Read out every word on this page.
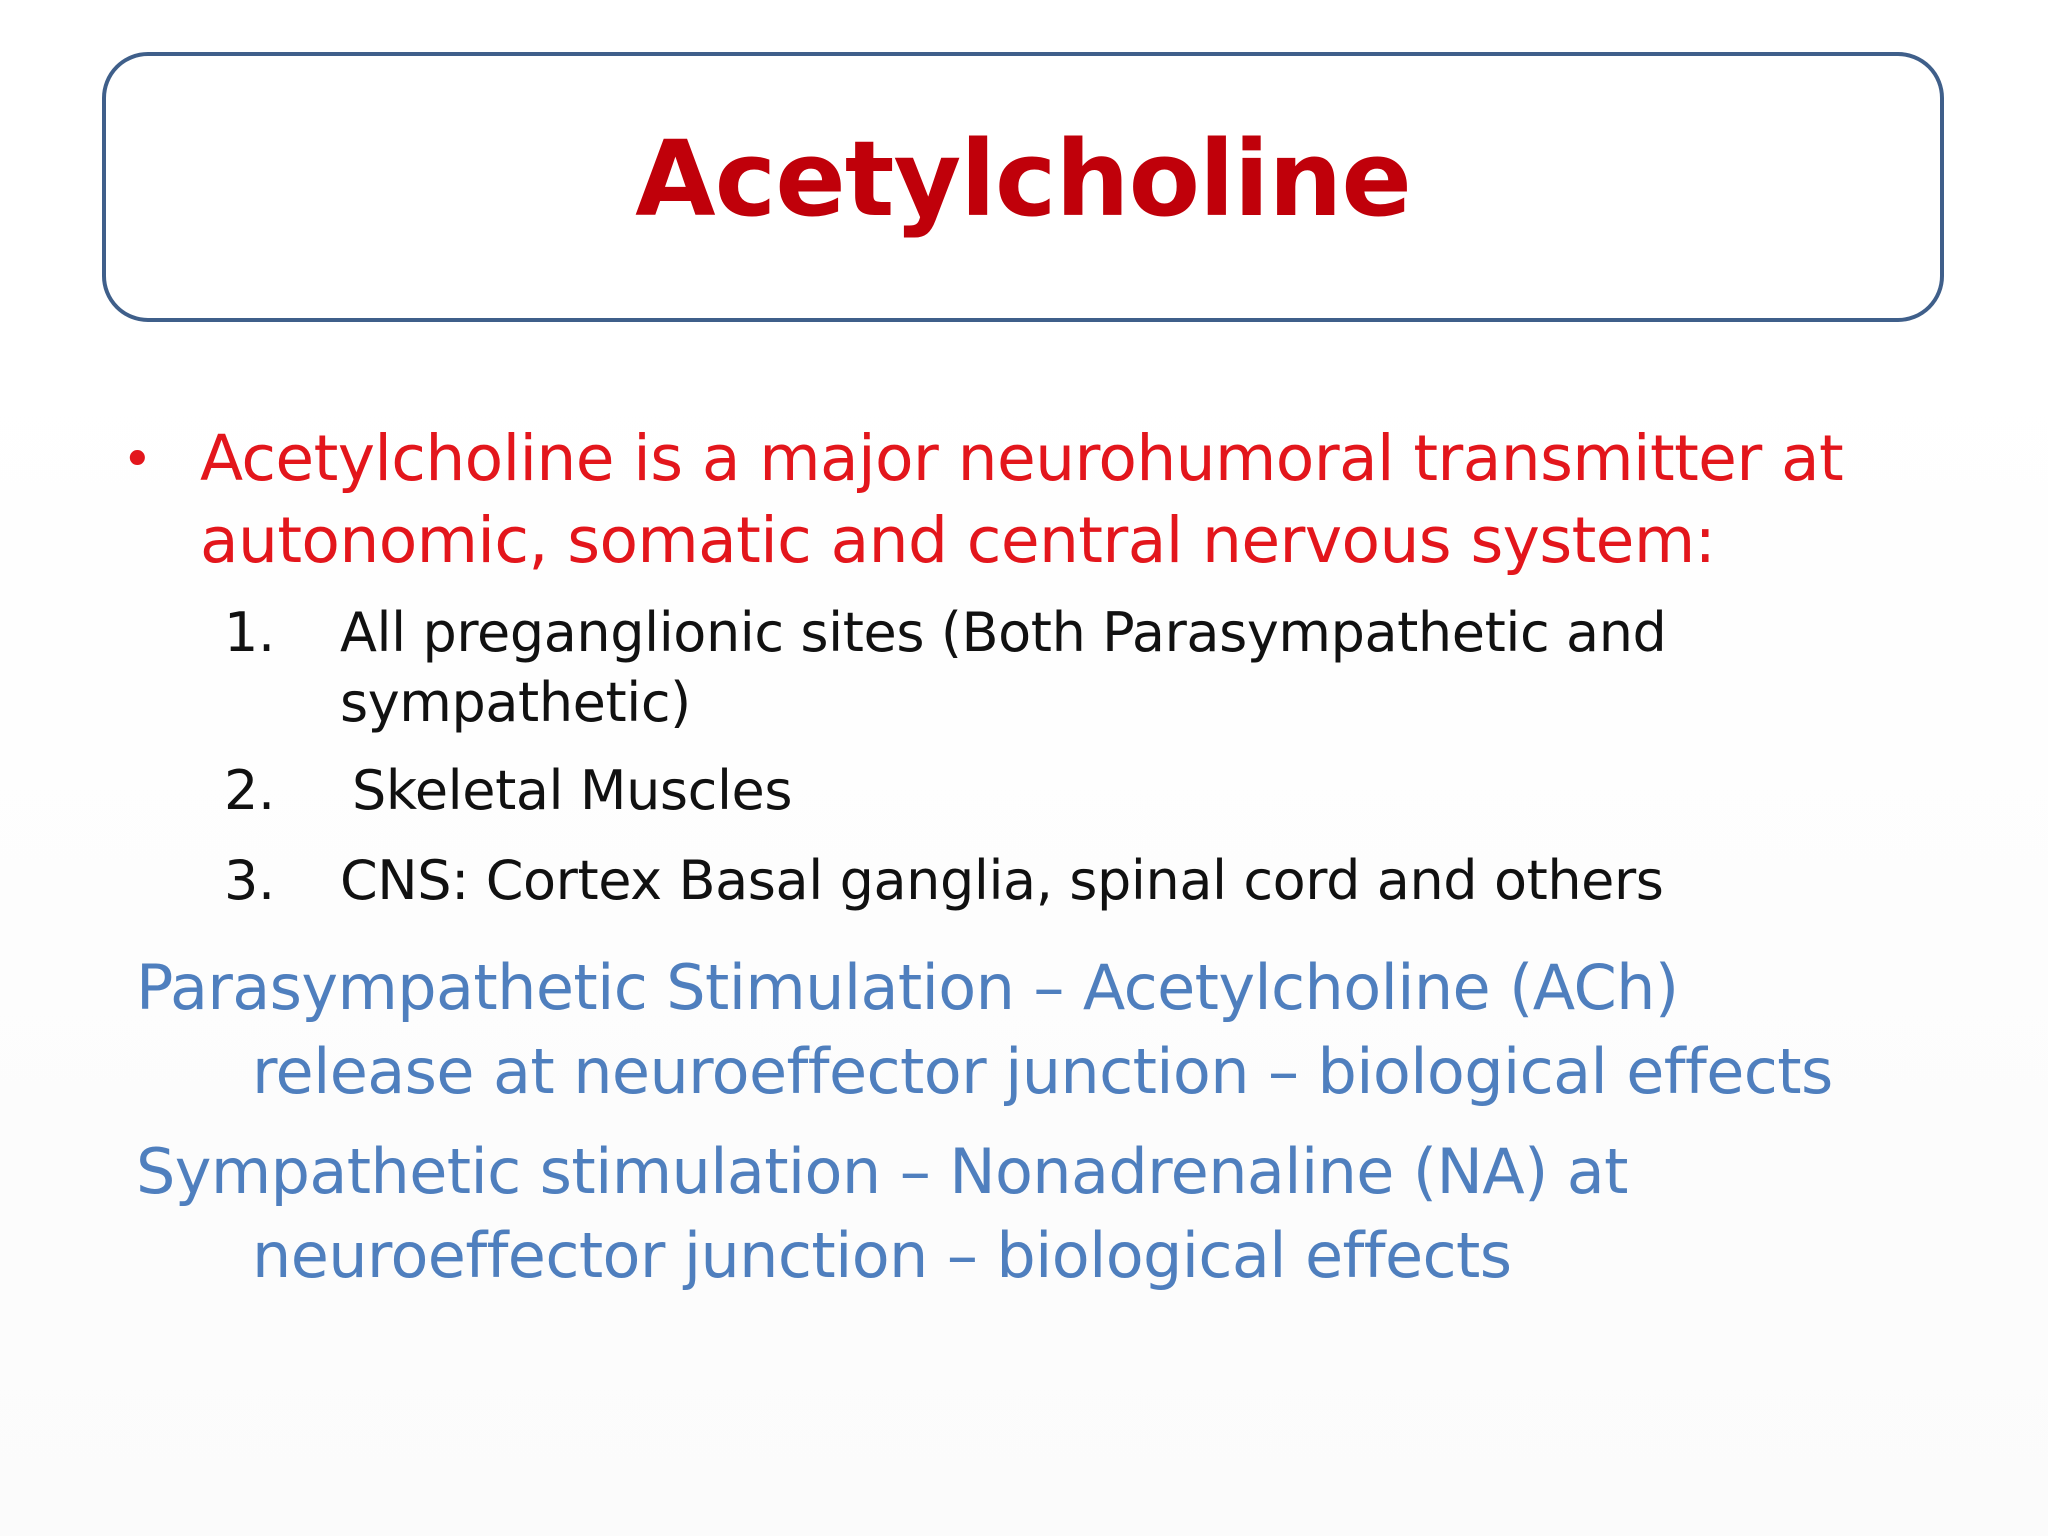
Acetylcholine
• Acetylcholine is a major neurohumoral transmitter at autonomic, somatic and central nervous system:
1.	All preganglionic sites (Both Parasympathetic and sympathetic)
2.	Skeletal Muscles
3.	CNS: Cortex Basal ganglia, spinal cord and others
Parasympathetic Stimulation – Acetylcholine (ACh)
release at neuroeffector junction – biological effects
Sympathetic stimulation – Nonadrenaline (NA) at
neuroeffector junction – biological effects
